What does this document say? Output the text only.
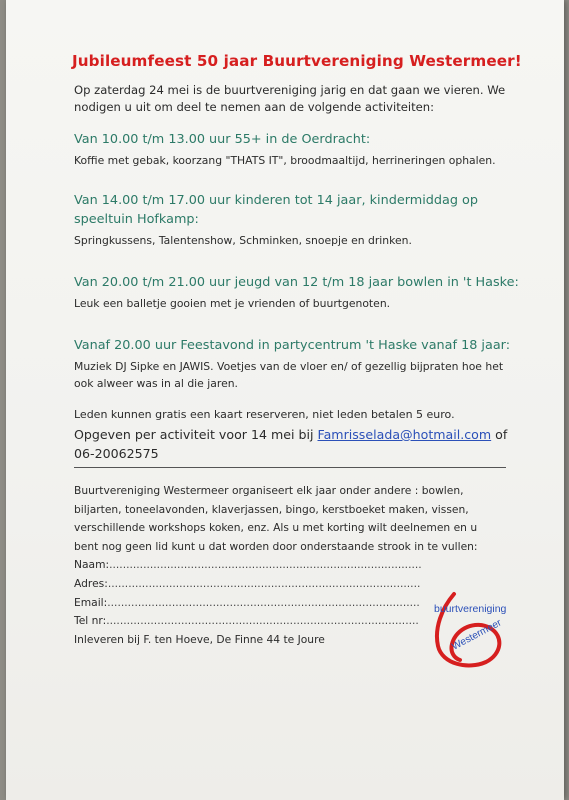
Jubileumfeest 50 jaar Buurtvereniging Westermeer!
Op zaterdag 24 mei is de buurtvereniging jarig en dat gaan we vieren. We
nodigen u uit om deel te nemen aan de volgende activiteiten:
Van 10.00 t/m 13.00 uur 55+ in de Oerdracht:
Koffie met gebak, koorzang "THATS IT", broodmaaltijd, herrineringen ophalen.
Van 14.00 t/m 17.00 uur kinderen tot 14 jaar, kindermiddag op
speeltuin Hofkamp:
Springkussens, Talentenshow, Schminken, snoepje en drinken.
Van 20.00 t/m 21.00 uur jeugd van 12 t/m 18 jaar bowlen in 't Haske:
Leuk een balletje gooien met je vrienden of buurtgenoten.
Vanaf 20.00 uur Feestavond in partycentrum 't Haske vanaf 18 jaar:
Muziek DJ Sipke en JAWIS. Voetjes van de vloer en/ of gezellig bijpraten hoe het
ook alweer was in al die jaren.
Leden kunnen gratis een kaart reserveren, niet leden betalen 5 euro.
Opgeven per activiteit voor 14 mei bij Famrisselada@hotmail.com of
06-20062575
Buurtvereniging Westermeer organiseert elk jaar onder andere : bowlen,
biljarten, toneelavonden, klaverjassen, bingo, kerstboeket maken, vissen,
verschillende workshops koken, enz. Als u met korting wilt deelnemen en u
bent nog geen lid kunt u dat worden door onderstaande strook in te vullen:
Naam:............................................................................................
Adres:............................................................................................
Email:............................................................................................
Tel nr:............................................................................................
Inleveren bij F. ten Hoeve, De Finne 44 te Joure
buurtvereniging
Westermeer
